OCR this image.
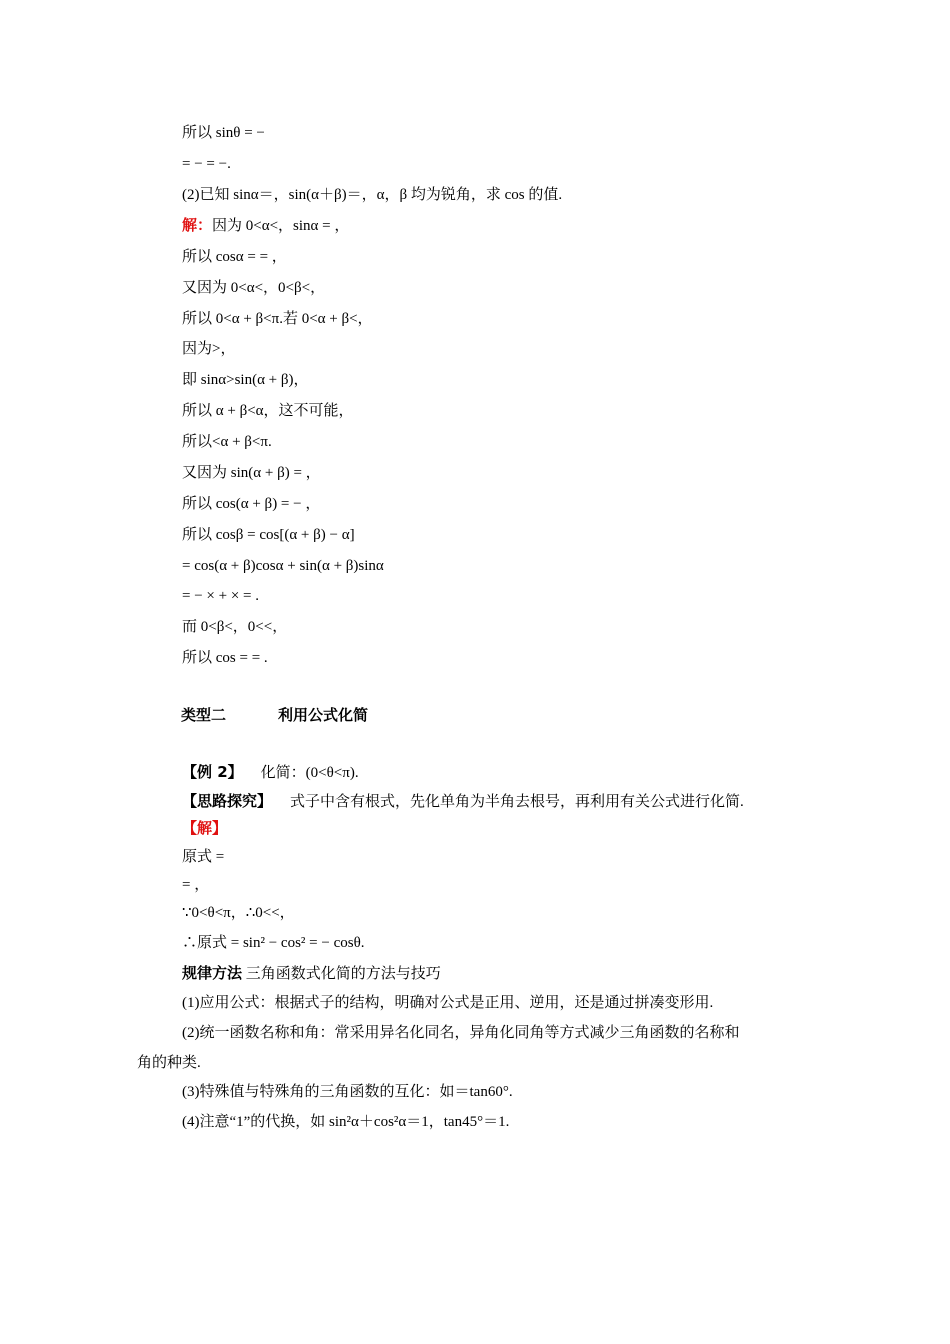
所以 sinθ = −
= − = −.
(2)已知 sinα＝，sin(α＋β)＝，α，β 均为锐角，求 cos 的值.
解：因为 0<α<，sinα = ，
所以 cosα = = ，
又因为 0<α<，0<β<，
所以 0<α + β<π.若 0<α + β<，
因为>，
即 sinα>sin(α + β)，
所以 α + β<α，这不可能，
所以<α + β<π.
又因为 sin(α + β) = ，
所以 cos(α + β) = − ，
所以 cosβ = cos[(α + β) − α]
= cos(α + β)cosα + sin(α + β)sinα
= − × + × = .
而 0<β<，0<<，
所以 cos = = .
类型二	利用公式化简
【例 2】 化简：(0<θ<π).
【思路探究】 式子中含有根式，先化单角为半角去根号，再利用有关公式进行化简.
【解】
原式 =
= ，
∵0<θ<π，∴0<<，
∴原式 = sin² − cos² = − cosθ.
规律方法 三角函数式化简的方法与技巧
(1)应用公式：根据式子的结构，明确对公式是正用、逆用，还是通过拼凑变形用.
(2)统一函数名称和角：常采用异名化同名，异角化同角等方式减少三角函数的名称和
角的种类.
(3)特殊值与特殊角的三角函数的互化：如＝tan60°.
(4)注意“1”的代换，如 sin²α＋cos²α＝1，tan45°＝1.
